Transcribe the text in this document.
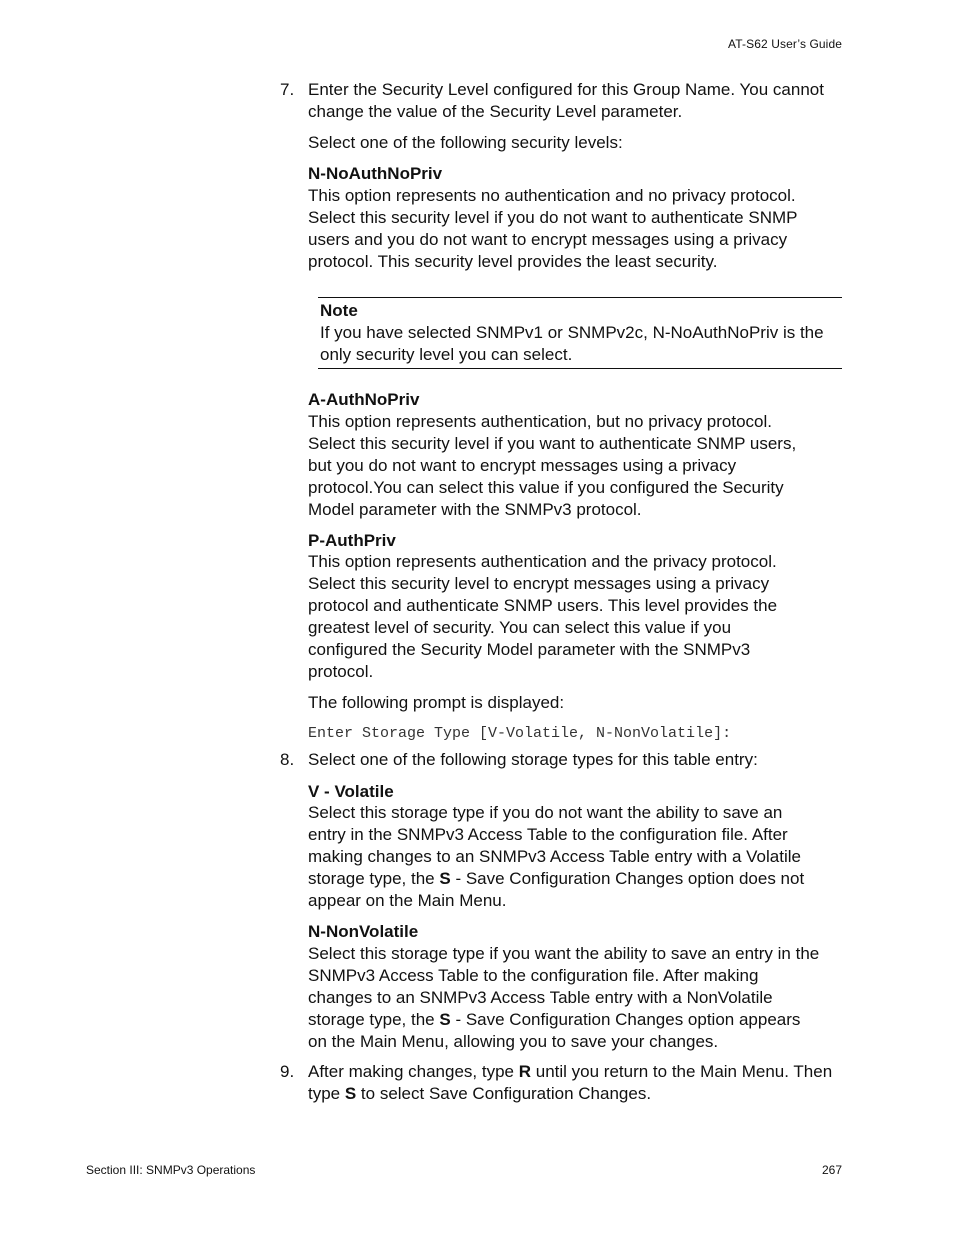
AT-S62 User’s Guide
7. Enter the Security Level configured for this Group Name. You cannot change the value of the Security Level parameter.

Select one of the following security levels:

N-NoAuthNoPriv

This option represents no authentication and no privacy protocol. Select this security level if you do not want to authenticate SNMP users and you do not want to encrypt messages using a privacy protocol. This security level provides the least security.

Note
If you have selected SNMPv1 or SNMPv2c, N-NoAuthNoPriv is the only security level you can select.

A-AuthNoPriv

This option represents authentication, but no privacy protocol. Select this security level if you want to authenticate SNMP users, but you do not want to encrypt messages using a privacy protocol.You can select this value if you configured the Security Model parameter with the SNMPv3 protocol.

P-AuthPriv

This option represents authentication and the privacy protocol. Select this security level to encrypt messages using a privacy protocol and authenticate SNMP users. This level provides the greatest level of security. You can select this value if you configured the Security Model parameter with the SNMPv3 protocol.

The following prompt is displayed:

Enter Storage Type [V-Volatile, N-NonVolatile]:

8. Select one of the following storage types for this table entry:

V - Volatile

Select this storage type if you do not want the ability to save an entry in the SNMPv3 Access Table to the configuration file. After making changes to an SNMPv3 Access Table entry with a Volatile storage type, the S - Save Configuration Changes option does not appear on the Main Menu.

N-NonVolatile

Select this storage type if you want the ability to save an entry in the SNMPv3 Access Table to the configuration file. After making changes to an SNMPv3 Access Table entry with a NonVolatile storage type, the S - Save Configuration Changes option appears on the Main Menu, allowing you to save your changes.

9. After making changes, type R until you return to the Main Menu. Then type S to select Save Configuration Changes.

Section III: SNMPv3 Operations	267
